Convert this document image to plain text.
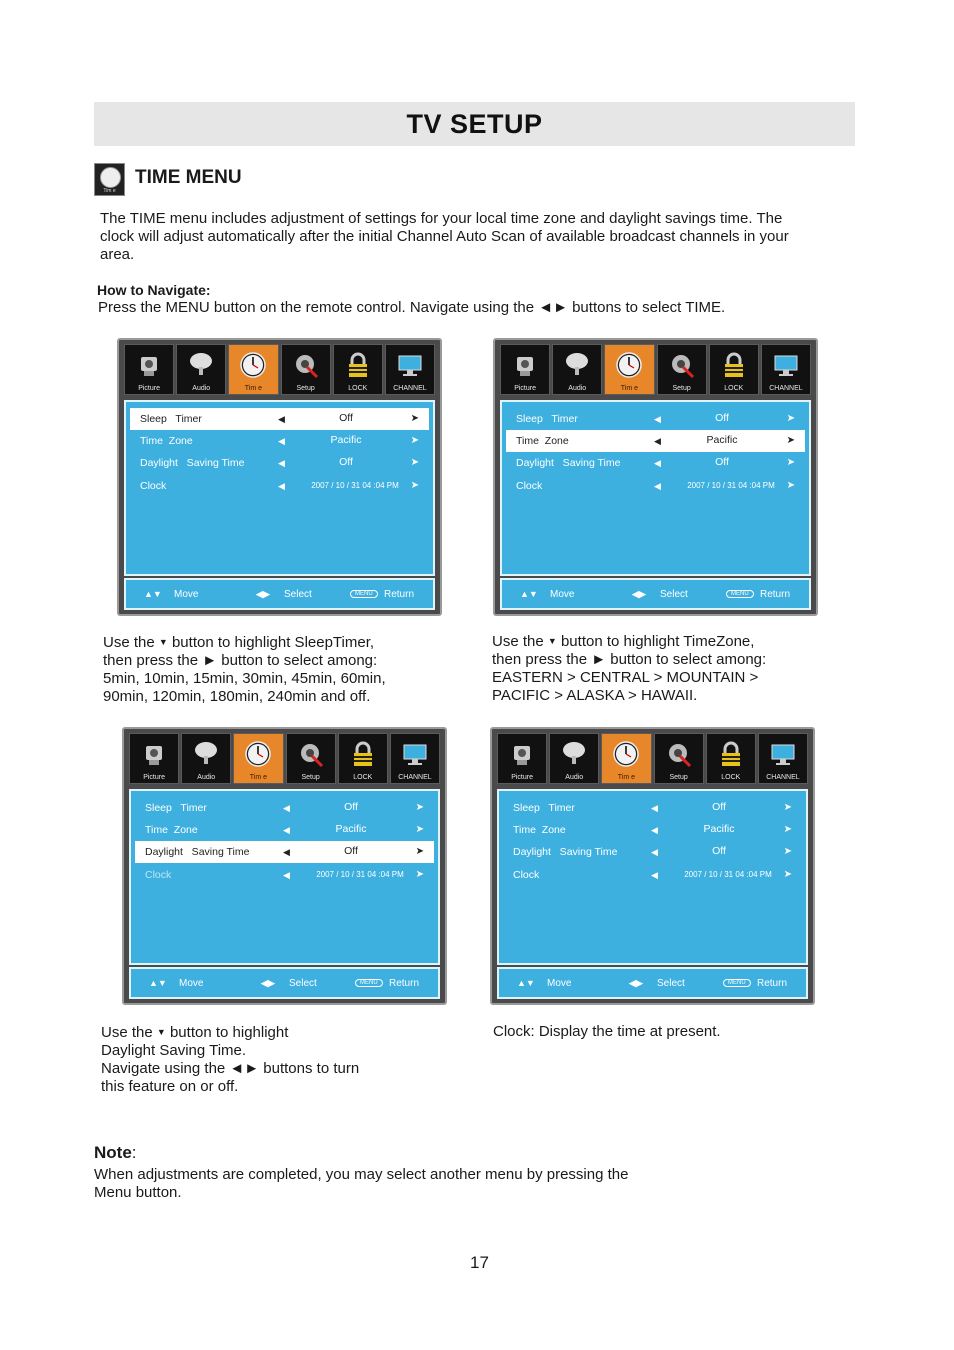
TV SETUP
Tim e
TIME MENU

The TIME menu includes adjustment of settings for your local time zone and daylight savings time. The clock will adjust automatically after the initial Channel Auto Scan of available broadcast channels in your area.

How to Navigate:

Press the MENU button on the remote control. Navigate using the ◄► buttons to select TIME.

Picture	Audio	Tim e	Setup	LOCK	CHANNEL
Sleep   Timer	◀	Off	➤
Time  Zone	◀	Pacific	➤
Daylight   Saving Time	◀	Off	➤
Clock	◀	2007 / 10 / 31 04 :04 PM	➤
▲▼ Move	◀▶ Select	MENU	Return
Picture	Audio	Tim e	Setup	LOCK	CHANNEL
Sleep   Timer	◀	Off	➤
Time  Zone	◀	Pacific	➤
Daylight   Saving Time	◀	Off	➤
Clock	◀	2007 / 10 / 31 04 :04 PM	➤
▲▼ Move	◀▶ Select	MENU	Return
Picture	Audio	Tim e	Setup	LOCK	CHANNEL
Sleep   Timer	◀	Off	➤
Time  Zone	◀	Pacific	➤
Daylight   Saving Time	◀	Off	➤
Clock	◀	2007 / 10 / 31 04 :04 PM	➤
▲▼ Move	◀▶ Select	MENU	Return
Picture	Audio	Tim e	Setup	LOCK	CHANNEL
Sleep   Timer	◀	Off	➤
Time  Zone	◀	Pacific	➤
Daylight   Saving Time	◀	Off	➤
Clock	◀	2007 / 10 / 31 04 :04 PM	➤
▲▼ Move	◀▶ Select	MENU	Return
Use the ▼ button to highlight SleepTimer,
then press the ► button to select among:
5min, 10min, 15min, 30min, 45min, 60min,
90min, 120min, 180min, 240min and off.
Use the ▼ button to highlight TimeZone,
then press the ► button to select among:
EASTERN > CENTRAL > MOUNTAIN >
PACIFIC > ALASKA > HAWAII.
Use the ▼ button to highlight
Daylight Saving Time.
Navigate using the ◄► buttons to turn
this feature on or off.

Clock: Display the time at present.

Note:

When adjustments are completed, you may select another menu by pressing the Menu button.

17
